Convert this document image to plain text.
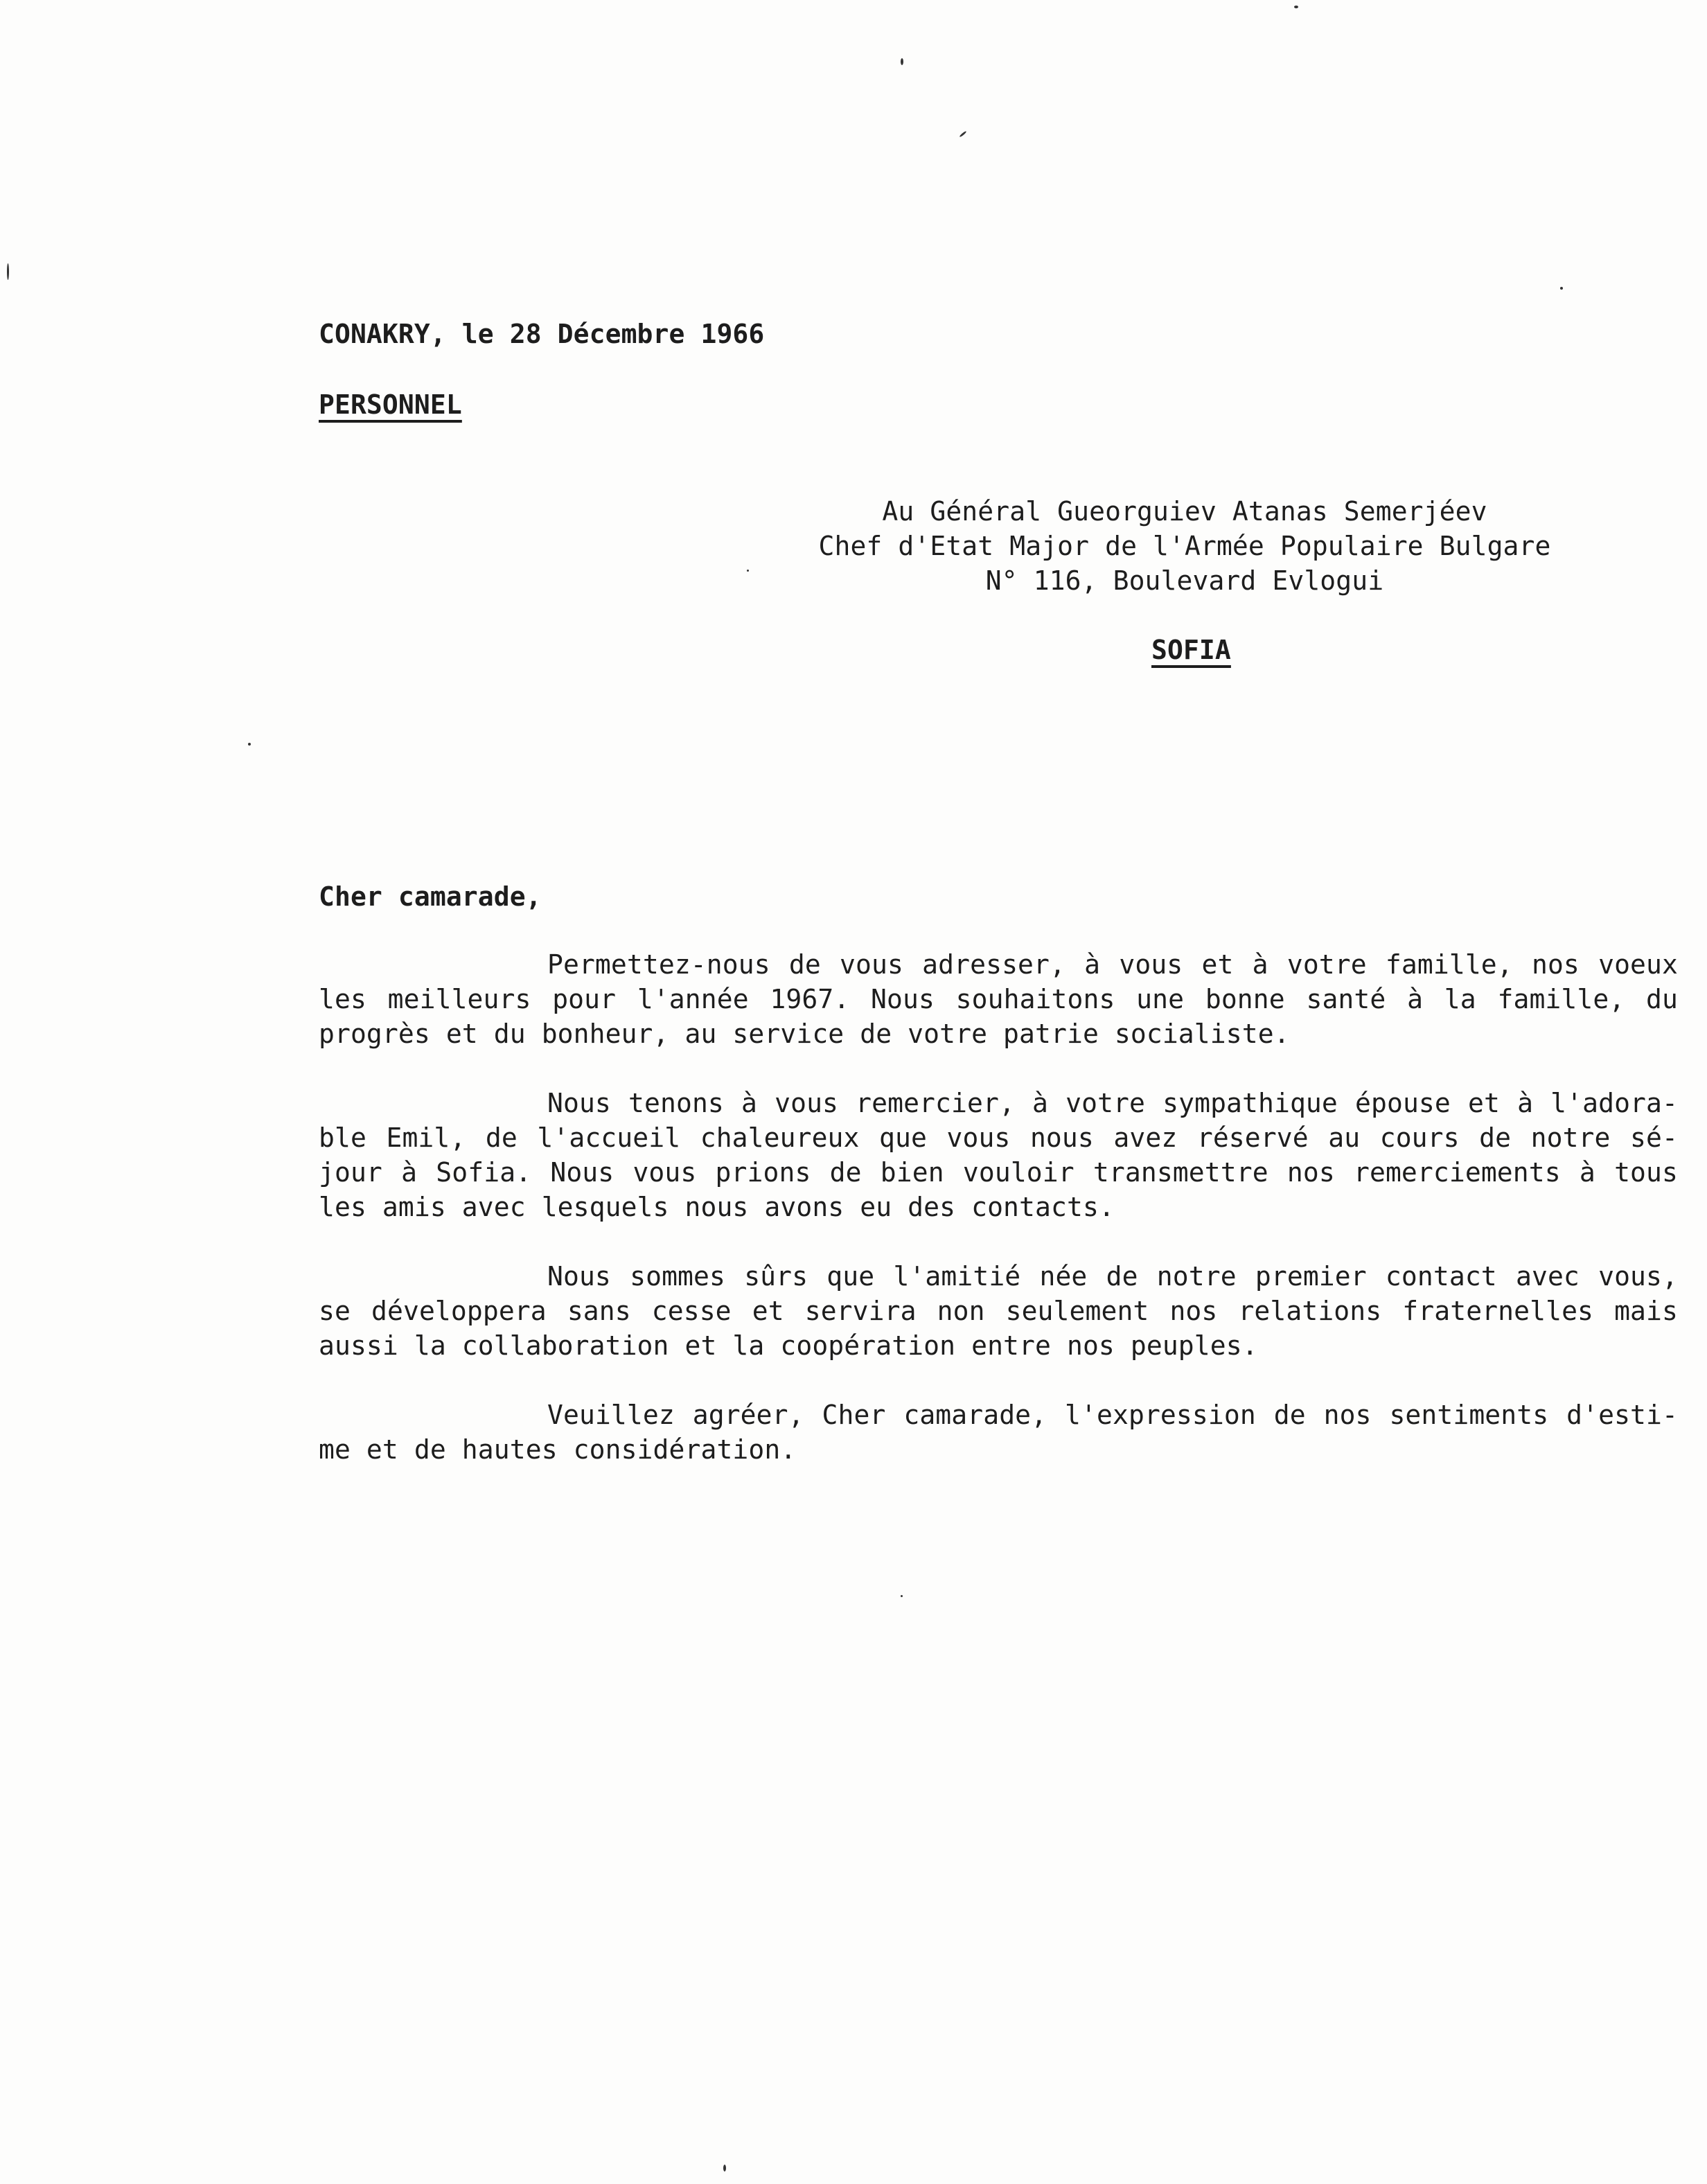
CONAKRY, le 28 Décembre 1966

PERSONNEL

Au Général Gueorguiev Atanas Semerjéev

Chef d'Etat Major de l'Armée Populaire Bulgare

N° 116, Boulevard Evlogui

SOFIA

Cher camarade,

Permettez-nous de vous adresser, à vous et à votre famille, nos voeux

les meilleurs pour l'année 1967. Nous souhaitons une bonne santé à la famille, du

progrès et du bonheur, au service de votre patrie socialiste.

Nous tenons à vous remercier, à votre sympathique épouse et à l'adora-

ble Emil, de l'accueil chaleureux que vous nous avez réservé au cours de notre sé-

jour à Sofia. Nous vous prions de bien vouloir transmettre nos remerciements à tous

les amis avec lesquels nous avons eu des contacts.

Nous sommes sûrs que l'amitié née de notre premier contact avec vous,

se développera sans cesse et servira non seulement nos relations fraternelles mais

aussi la collaboration et la coopération entre nos peuples.

Veuillez agréer, Cher camarade, l'expression de nos sentiments d'esti-

me et de hautes considération.
